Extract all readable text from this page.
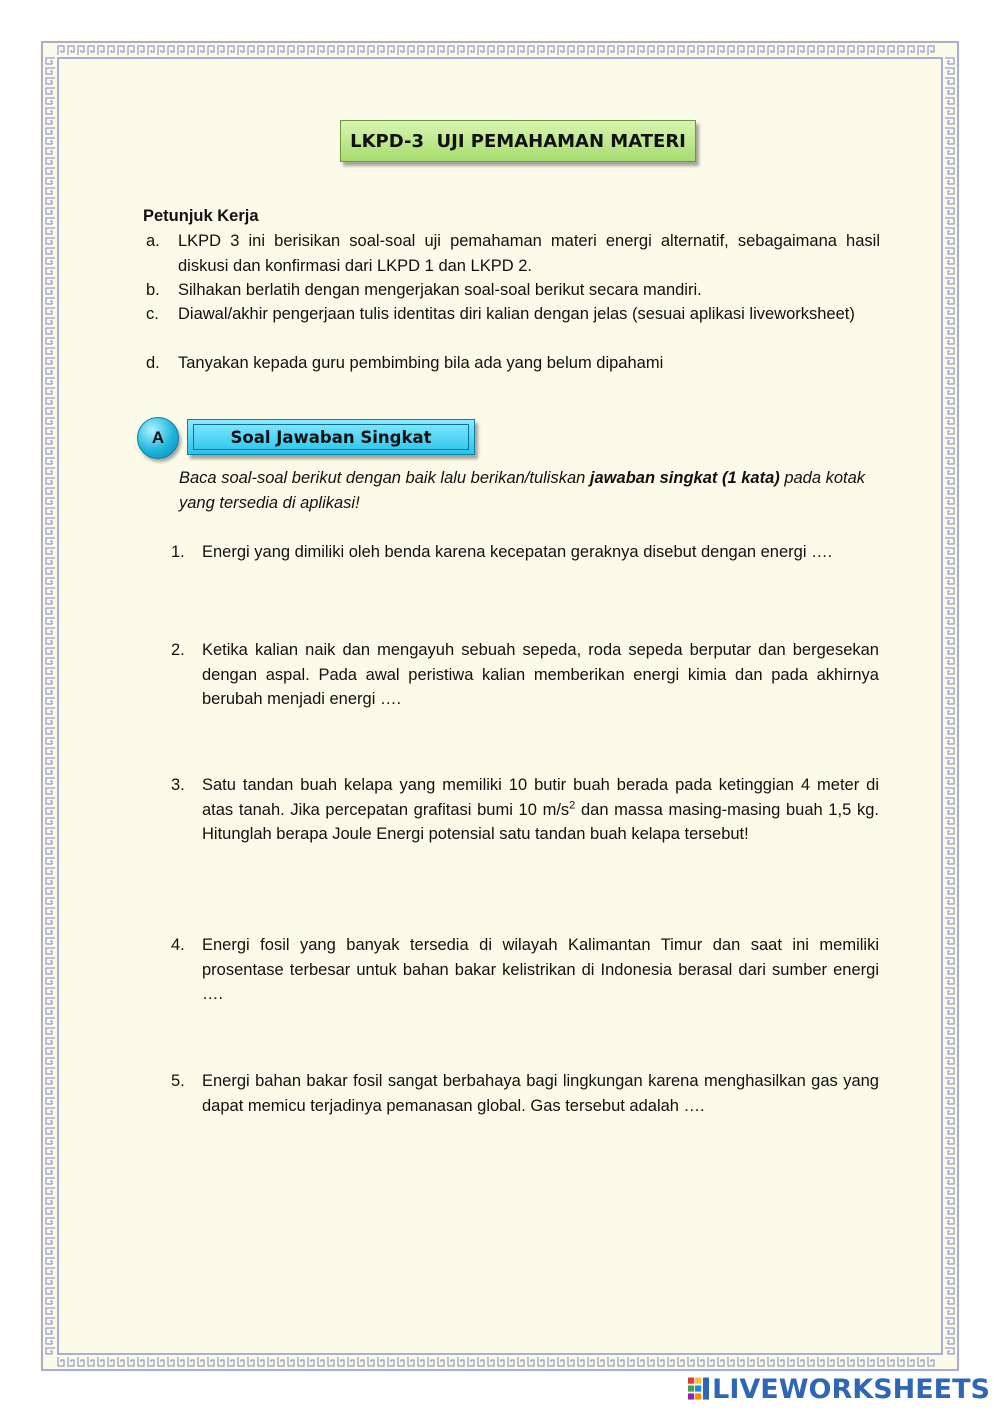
LKPD-3  UJI PEMAHAMAN MATERI
Petunjuk Kerja
a. LKPD 3 ini berisikan soal-soal uji pemahaman materi energi alternatif, sebagaimana hasil diskusi dan konfirmasi dari LKPD 1 dan LKPD 2.
b. Silhakan berlatih dengan mengerjakan soal-soal berikut secara mandiri.
c. Diawal/akhir pengerjaan tulis identitas diri kalian dengan jelas (sesuai aplikasi liveworksheet)
d. Tanyakan kepada guru pembimbing bila ada yang belum dipahami
A	Soal Jawaban Singkat
Baca soal-soal berikut dengan baik lalu berikan/tuliskan jawaban singkat (1 kata) pada kotak yang tersedia di aplikasi!
1. Energi yang dimiliki oleh benda karena kecepatan geraknya disebut dengan energi ….
2. Ketika kalian naik dan mengayuh sebuah sepeda, roda sepeda berputar dan bergesekan dengan aspal. Pada awal peristiwa kalian memberikan energi kimia dan pada akhirnya berubah menjadi energi ….
3. Satu tandan buah kelapa yang memiliki 10 butir buah berada pada ketinggian 4 meter di atas tanah. Jika percepatan grafitasi bumi 10 $m/s^2$ dan massa masing-masing buah 1,5 kg. Hitunglah berapa Joule Energi potensial satu tandan buah kelapa tersebut!
4. Energi fosil yang banyak tersedia di wilayah Kalimantan Timur dan saat ini memiliki prosentase terbesar untuk bahan bakar kelistrikan di Indonesia berasal dari sumber energi ….
5. Energi bahan bakar fosil sangat berbahaya bagi lingkungan karena menghasilkan gas yang dapat memicu terjadinya pemanasan global. Gas tersebut adalah ….
LIVEWORKSHEETS
